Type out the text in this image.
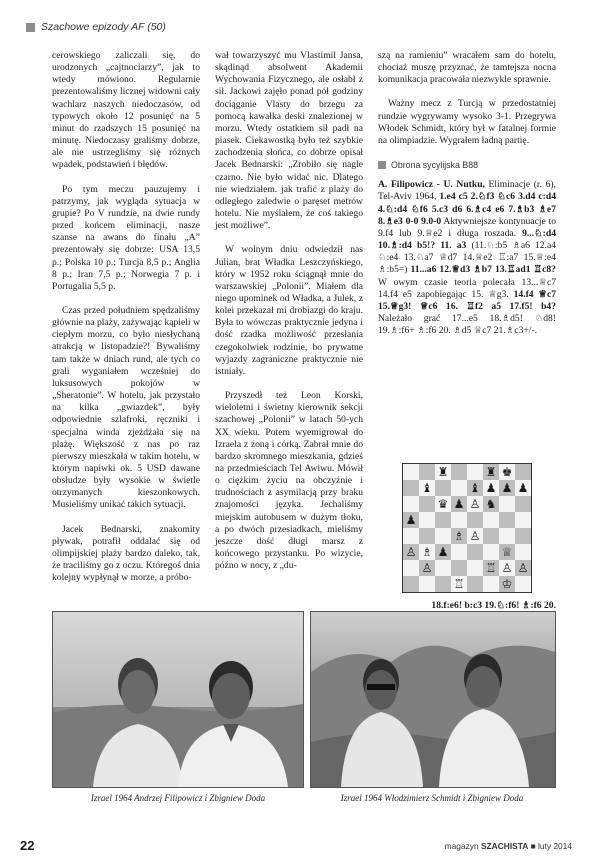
Szachowe epizody AF (50)

cerowskiego zaliczali się, do urodzonych „cajtnociarzy”, jak to wtedy mówiono. Regularnie prezentowaliśmy licznej widowni cały wachlarz naszych niedoczasów, od typowych około 12 posunięć na 5 minut do rzadszych 15 posunięć na minutę. Niedoczasy graliśmy dobrze, ale nie ustrzegliśmy się różnych wpadek, podstawień i błędów.

Po tym meczu pauzujemy i patrzymy, jak wygląda sytuacja w grupie? Po V rundzie, na dwie rundy przed końcem eliminacji, nasze szanse na awans do finału „A” prezentowały się dobrze: USA 13,5 p.; Polska 10 p.; Turcja 8,5 p.; Anglia 8 p.; Iran 7,5 p.; Norwegia 7 p. i Portugalia 5,5 p.

Czas przed południem spędzaliśmy głównie na plaży, zażywając kąpieli w ciepłym morzu, co było niesłychaną atrakcją w listopadzie?! Bywaliśmy tam także w dniach rund, ale tych co grali wyganiałem wcześniej do luksusowych pokojów w „Sheratonie”. W hotelu, jak przystało na kilka „gwiazdek”, były odpowiednie szlafroki, ręczniki i specjalna winda zjeżdżała się na plażę. Większość z nas po raz pierwszy mieszkała w takim hotelu, w którym napiwki ok. 5 USD dawane obsłudze były wysokie w świetle otrzymanych kieszonkowych. Musieliśmy unikać takich sytuacji.

Jacek Bednarski, znakomity pływak, potrafił oddalać się od olimpijskiej plaży bardzo daleko, tak, że traciliśmy go z oczu. Któregoś dnia kolejny wypłynął w morze, a próbo-

wał towarzyszyć mu Vlastimil Jansa, skądinąd absolwent Akademii Wychowania Fizycznego, ale osłabł z sił. Jackowi zajęło ponad pół godziny dociąganie Vlasty do brzegu za pomocą kawałka deski znalezionej w morzu. Wtedy ostatkiem sił padł na piasek. Ciekawostką było też szybkie zachodzenia słońca, co dobrze opisał Jacek Bednarski: „Zrobiło się nagle czarno. Nie było widać nic. Dlatego nie wiedziałem. jak trafić z plaży do odległego zaledwie o paręset metrów hotelu. Nie myślałem, że coś takiego jest możliwe”.

W wolnym dniu odwiedził nas Julian, brat Władka Leszczyńskiego, który w 1952 roku ściągnął mnie do warszawskiej „Polonii”. Miałem dla niego upominek od Władka, a Julek, z kolei przekazał mi drobiazgi do kraju. Była to wówczas praktycznie jedyna i dość rzadka możliwość przesłania czegokolwiek rodzinie, bo prywatne wyjazdy zagraniczne praktycznie nie istniały.

Przyszedł też Leon Korski, wieloletni i świetny kierownik sekcji szachowej „Polonii” w latach 50-ych XX wieku. Potem wyemigrował do Izraela z żoną i córką. Zabrał mnie do bardzo skromnego mieszkania, gdzieś na przedmieściach Tel Awiwu. Mówił o ciężkim życiu na obczyźnie i trudnościach z asymilacją przy braku znajomości języka. Jechaliśmy miejskim autobusem w dużym tłoku, a po dwóch przesiadkach, mieliśmy jeszcze dość długi marsz z końcowego przystanku. Po wizycie, późno w nocy, z „du-

szą na ramieniu” wracałem sam do hotelu, chociaż muszę przyznać, że tamtejsza nocna komunikacja pracowała niezwykle sprawnie.

Ważny mecz z Turcją w przedostatniej rundzie wygrywamy wysoko 3-1. Przegrywa Włodek Schmidt, który był w fatalnej formie na olimpiadzie. Wygrałem ładną partię.

Obrona sycylijska B88

A. Filipowicz - U. Nutku, Eliminacje (r. 6), Tel-Aviv 1964, 1.e4 c5 2.♘f3 ♘c6 3.d4 c:d4 4.♘:d4 ♘f6 5.c3 d6 6.♗c4 e6 7.♗b3 ♗e7 8.♗e3 0-0 9.0-0 Aktywniejsze kontynuacje to 9.f4 lub 9.♕e2 i długa roszada. 9...♘:d4 10.♗:d4 b5!? 11. a3 (11.♘:b5 ♗a6 12.a4 ♘:e4 13.♘a7 ♕d7 14.♕e2 ♖:a7 15.♕:e4 ♗:b5=) 11...a6 12.♕d3 ♗b7 13.♖ad1 ♖c8? W owym czasie teoria polecała 13...♕c7 14.f4 e5 zapobiegając 15. ♕g3. 14.f4 ♕c7 15.♕g3! ♕c6 16. ♖f2 a5 17.f5! b4? Należało grać 17...e5 18.♗d5! ♘d8! 19.♗:f6+ ♗:f6 20. ♗d5 ♕c7 21.♗c3+/-.

♜	♜ ♚
♝	♝ ♟ ♟ ♟
♛ ♟ ♙ ♞
♟
♗ ♙
♙ ♗ ♟	♕
♙	♖ ♙ ♙
♖	♔
18.f:e6! b:c3 19.♘:f6! ♗:f6 20.
Izrael 1964 Andrzej Filipowicz i Zbigniew Doda	Izrael 1964 Włodzimierz Schmidt i Zbigniew Doda
22	magazyn SZACHISTA ■ luty 2014
